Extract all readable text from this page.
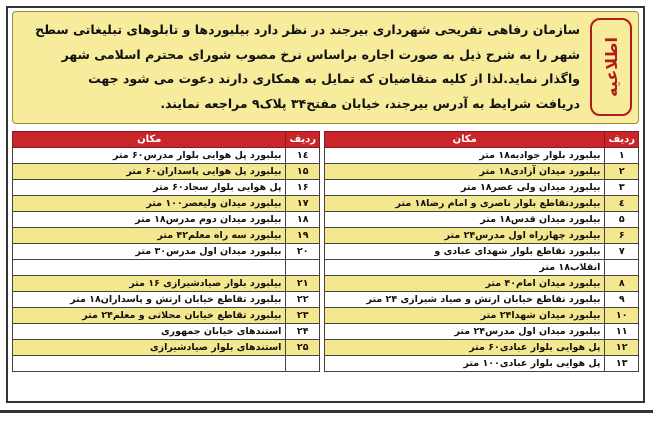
اطلاعیه

سازمان رفاهی تفریحی شهرداری بیرجند در نظر دارد بیلبوردها و تابلوهای تبلیغاتی سطح

شهر را به شرح ذیل به صورت اجاره براساس نرخ مصوب شورای محترم اسلامی شهر

واگذار نماید.لذا از کلیه متقاضیان که تمایل به همکاری دارند دعوت می شود جهت

دریافت شرایط به آدرس بیرجند، خیابان مفتح۳۴ پلاک۹ مراجعه نمایند.

ردیف	مکان
۱	بیلبورد بلوار جوادیه۱۸ متر
۲	بیلبورد میدان آزادی۱۸ متر
۳	بیلبورد میدان ولی عصر۱۸ متر
٤	بیلبوردتقاطع بلوار ناصری و امام رضا۱۸ متر
۵	بیلبورد میدان قدس۱۸ متر
۶	بیلبورد چهارراه اول مدرس۲۴ متر
۷	بیلبورد تقاطع بلوار شهدای عبادی و
	انقلاب۱۸ متر
۸	بیلبورد میدان امام۴۰ متر
۹	بیلبورد تقاطع خیابان ارتش و صیاد شیرازی ۲۴ متر
۱۰	بیلبورد میدان شهدا۲۴ متر
۱۱	بیلبورد میدان اول مدرس۲۴ متر
۱۲	پل هوایی بلوار عبادی۶۰ متر
۱۳	پل هوایی بلوار عبادی۱۰۰ متر
ردیف	مکان
۱٤	بیلبورد پل هوایی بلوار مدرس۶۰ متر
۱۵	بیلبورد پل هوایی پاسداران۶۰ متر
۱۶	پل هوایی بلوار سجاد۶۰ متر
۱۷	بیلبورد میدان ولیعصر۱۰۰ متر
۱۸	بیلبورد میدان دوم مدرس۱۸ متر
۱۹	بیلبورد سه راه معلم۴۲ متر
۲۰	بیلبورد میدان اول مدرس۳۰ متر

۲۱	بیلبورد بلوار صیادشیرازی ۱۶ متر
۲۲	بیلبورد تقاطع خیابان ارتش و پاسداران۱۸ متر
۲۳	بیلبورد تقاطع خیابان محلاتی و معلم۲۴ متر
۲۴	استندهای خیابان جمهوری
۲۵	استندهای بلوار صیادشیرازی
